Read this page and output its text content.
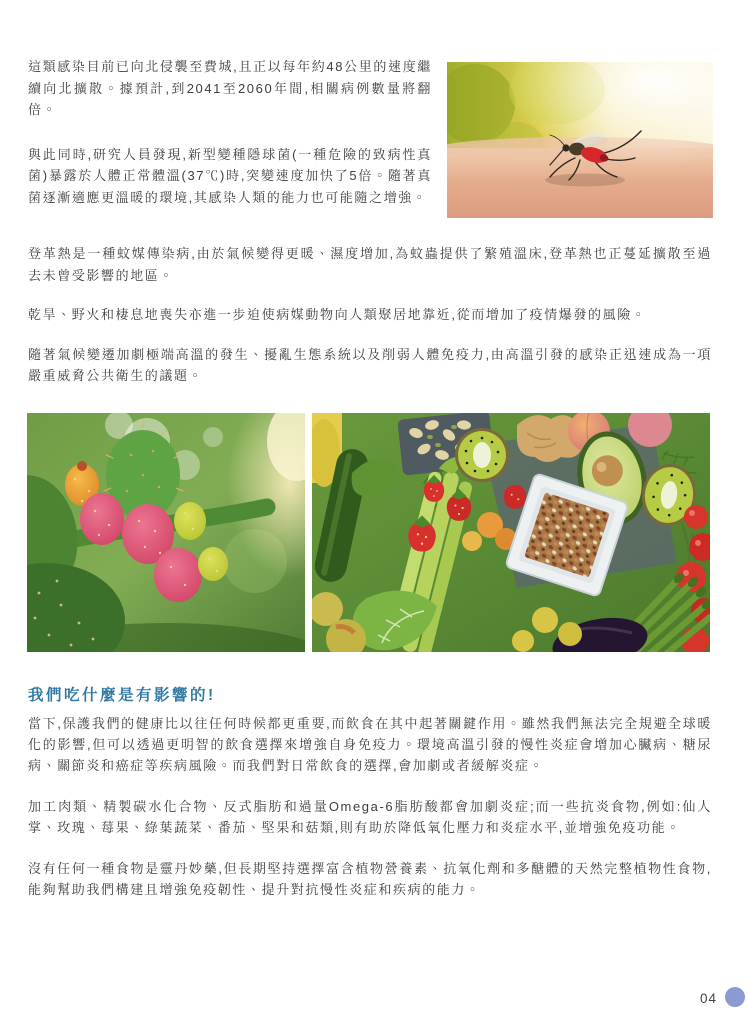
這類感染目前已向北侵襲至費城,且正以每年約48公里的速度繼續向北擴散。據預計,到2041至2060年間,相關病例數量將翻倍。

與此同時,研究人員發現,新型變種隱球菌(一種危險的致病性真菌)暴露於人體正常體溫(37℃)時,突變速度加快了5倍。隨著真菌逐漸適應更溫暖的環境,其感染人類的能力也可能隨之增強。

登革熱是一種蚊媒傳染病,由於氣候變得更暖、濕度增加,為蚊蟲提供了繁殖溫床,登革熱也正蔓延擴散至過去未曾受影響的地區。

乾旱、野火和棲息地喪失亦進一步迫使病媒動物向人類聚居地靠近,從而增加了疫情爆發的風險。

隨著氣候變遷加劇極端高溫的發生、擾亂生態系統以及削弱人體免疫力,由高溫引發的感染正迅速成為一項嚴重威脅公共衛生的議題。

我們吃什麼是有影響的!

當下,保護我們的健康比以往任何時候都更重要,而飲食在其中起著關鍵作用。雖然我們無法完全規避全球暖化的影響,但可以透過更明智的飲食選擇來增強自身免疫力。環境高溫引發的慢性炎症會增加心臟病、糖尿病、關節炎和癌症等疾病風險。而我們對日常飲食的選擇,會加劇或者緩解炎症。

加工肉類、精製碳水化合物、反式脂肪和過量Omega-6脂肪酸都會加劇炎症;而一些抗炎食物,例如:仙人掌、玫瑰、莓果、綠葉蔬菜、番茄、堅果和菇類,則有助於降低氧化壓力和炎症水平,並增強免疫功能。

沒有任何一種食物是靈丹妙藥,但長期堅持選擇富含植物營養素、抗氧化劑和多醣體的天然完整植物性食物,能夠幫助我們構建且增強免疫韌性、提升對抗慢性炎症和疾病的能力。

04
